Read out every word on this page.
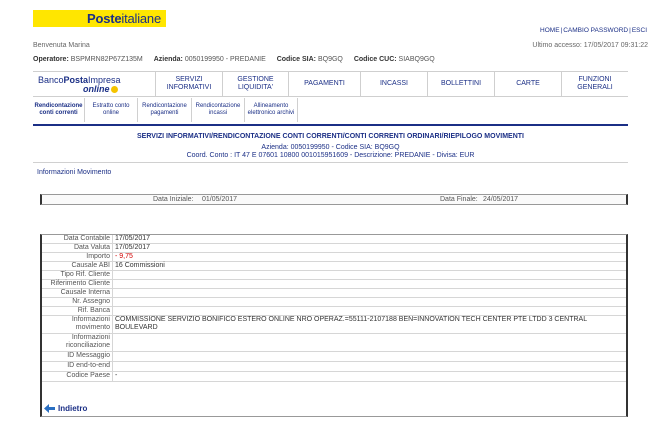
Posteitaliane
HOME|CAMBIO PASSWORD|ESCI
Benvenuta Marina	Ultimo accesso: 17/05/2017 09:31:22
Operatore: BSPMRN82P67Z135M Azienda: 0050199950 - PREDANIE Codice SIA: BQ9GQ Codice CUC: SIABQ9GQ
BancoPostaImpresa
online
SERVIZI INFORMATIVI
GESTIONE LIQUIDITA'
PAGAMENTI	INCASSI	BOLLETTINI	CARTE
FUNZIONI GENERALI
Rendicontazione conti correnti
Estratto conto online
Rendicontazione pagamenti
Rendicontazione incassi
Allineamento elettronico archivi
SERVIZI INFORMATIVI/RENDICONTAZIONE CONTI CORRENTI/CONTI CORRENTI ORDINARI/RIEPILOGO MOVIMENTI
Azienda: 0050199950 - Codice SIA: BQ9GQ
Coord. Conto : IT 47 E 07601 10800 001015951609 - Descrizione: PREDANIE - Divisa: EUR
Informazioni Movimento
Data Iniziale: 01/05/2017	Data Finale: 24/05/2017
Data Contabile 17/05/2017
Data Valuta 17/05/2017
Importo - 9,75
Causale ABI 16 Commissioni
Tipo Rif. Cliente
Riferimento Cliente
Causale Interna
Nr. Assegno
Rif. Banca
Informazioni movimento
COMMISSIONE SERVIZIO BONIFICO ESTERO ONLINE NRO OPERAZ.=55111-2107188 BEN=INNOVATION TECH CENTER PTE LTDD 3 CENTRAL BOULEVARD
Informazioni riconciliazione
ID Messaggio
ID end-to-end
Codice Paese -
Indietro
